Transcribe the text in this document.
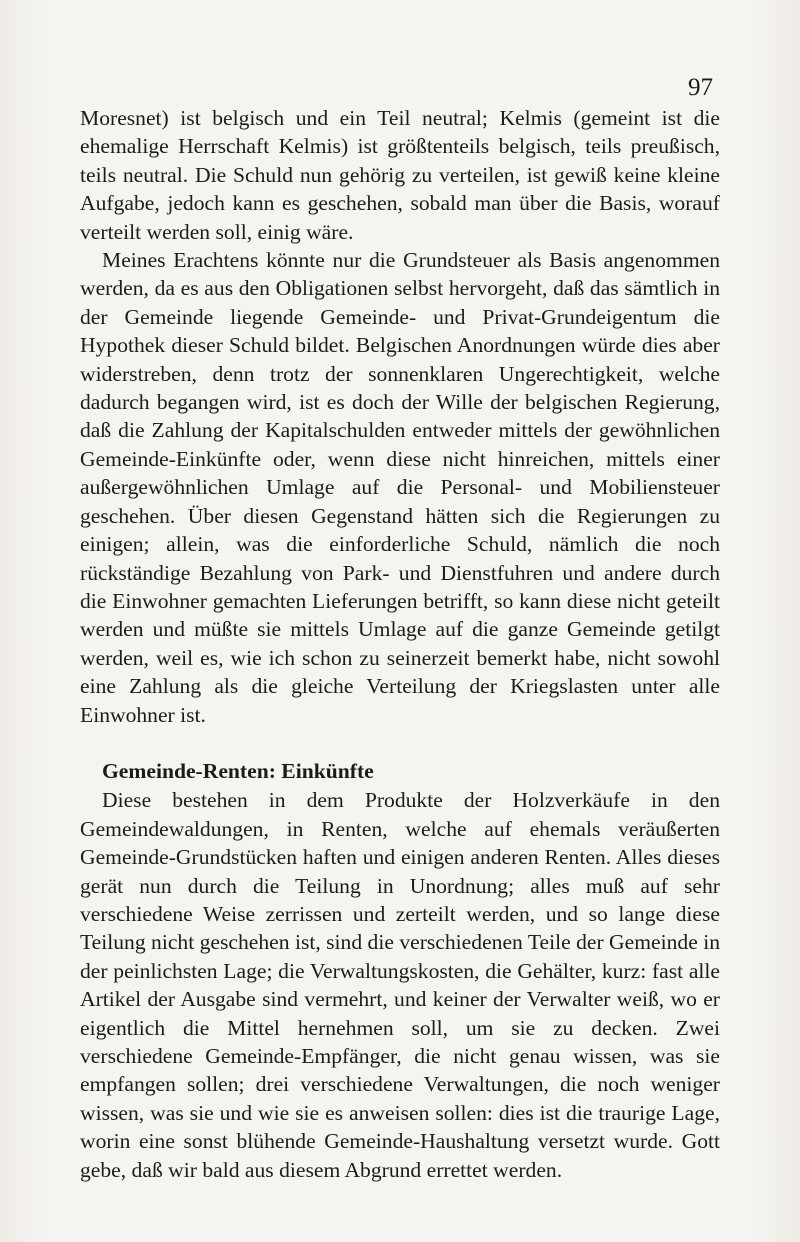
97

Moresnet) ist belgisch und ein Teil neutral; Kelmis (gemeint ist die ehemalige Herrschaft Kelmis) ist größtenteils belgisch, teils preußisch, teils neutral. Die Schuld nun gehörig zu verteilen, ist gewiß keine kleine Aufgabe, jedoch kann es geschehen, sobald man über die Basis, worauf verteilt werden soll, einig wäre.

Meines Erachtens könnte nur die Grundsteuer als Basis angenommen werden, da es aus den Obligationen selbst hervorgeht, daß das sämtlich in der Gemeinde liegende Gemeinde- und Privat-Grundeigentum die Hypothek dieser Schuld bildet. Belgischen Anordnungen würde dies aber widerstreben, denn trotz der sonnenklaren Ungerechtigkeit, welche dadurch begangen wird, ist es doch der Wille der belgischen Regierung, daß die Zahlung der Kapitalschulden entweder mittels der gewöhnlichen Gemeinde-Einkünfte oder, wenn diese nicht hinreichen, mittels einer außergewöhnlichen Umlage auf die Personal- und Mobiliensteuer geschehen. Über diesen Gegenstand hätten sich die Regierungen zu einigen; allein, was die einforderliche Schuld, nämlich die noch rückständige Bezahlung von Park- und Dienstfuhren und andere durch die Einwohner gemachten Lieferungen betrifft, so kann diese nicht geteilt werden und müßte sie mittels Umlage auf die ganze Gemeinde getilgt werden, weil es, wie ich schon zu seinerzeit bemerkt habe, nicht sowohl eine Zahlung als die gleiche Verteilung der Kriegslasten unter alle Einwohner ist.

Gemeinde-Renten: Einkünfte

Diese bestehen in dem Produkte der Holzverkäufe in den Gemeindewaldungen, in Renten, welche auf ehemals veräußerten Gemeinde-Grundstücken haften und einigen anderen Renten. Alles dieses gerät nun durch die Teilung in Unordnung; alles muß auf sehr verschiedene Weise zerrissen und zerteilt werden, und so lange diese Teilung nicht geschehen ist, sind die verschiedenen Teile der Gemeinde in der peinlichsten Lage; die Verwaltungskosten, die Gehälter, kurz: fast alle Artikel der Ausgabe sind vermehrt, und keiner der Verwalter weiß, wo er eigentlich die Mittel hernehmen soll, um sie zu decken. Zwei verschiedene Gemeinde-Empfänger, die nicht genau wissen, was sie empfangen sollen; drei verschiedene Verwaltungen, die noch weniger wissen, was sie und wie sie es anweisen sollen: dies ist die traurige Lage, worin eine sonst blühende Gemeinde-Haushaltung versetzt wurde. Gott gebe, daß wir bald aus diesem Abgrund errettet werden.
